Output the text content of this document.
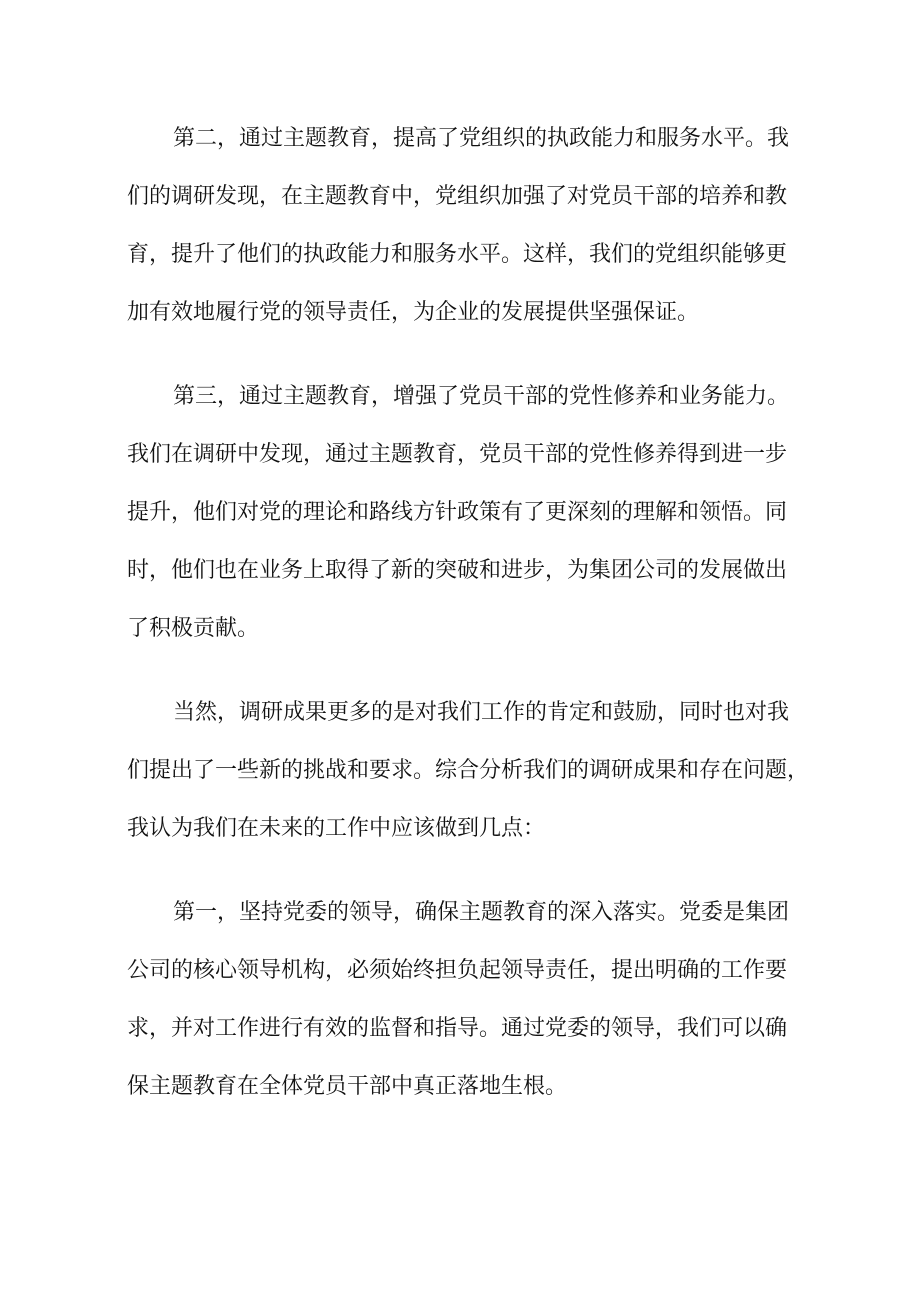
第二，通过主题教育，提高了党组织的执政能力和服务水平。我
们的调研发现，在主题教育中，党组织加强了对党员干部的培养和教
育，提升了他们的执政能力和服务水平。这样，我们的党组织能够更
加有效地履行党的领导责任，为企业的发展提供坚强保证。
第三，通过主题教育，增强了党员干部的党性修养和业务能力。
我们在调研中发现，通过主题教育，党员干部的党性修养得到进一步
提升，他们对党的理论和路线方针政策有了更深刻的理解和领悟。同
时，他们也在业务上取得了新的突破和进步，为集团公司的发展做出
了积极贡献。
当然，调研成果更多的是对我们工作的肯定和鼓励，同时也对我
们提出了一些新的挑战和要求。综合分析我们的调研成果和存在问题，
我认为我们在未来的工作中应该做到几点：
第一，坚持党委的领导，确保主题教育的深入落实。党委是集团
公司的核心领导机构，必须始终担负起领导责任，提出明确的工作要
求，并对工作进行有效的监督和指导。通过党委的领导，我们可以确
保主题教育在全体党员干部中真正落地生根。
